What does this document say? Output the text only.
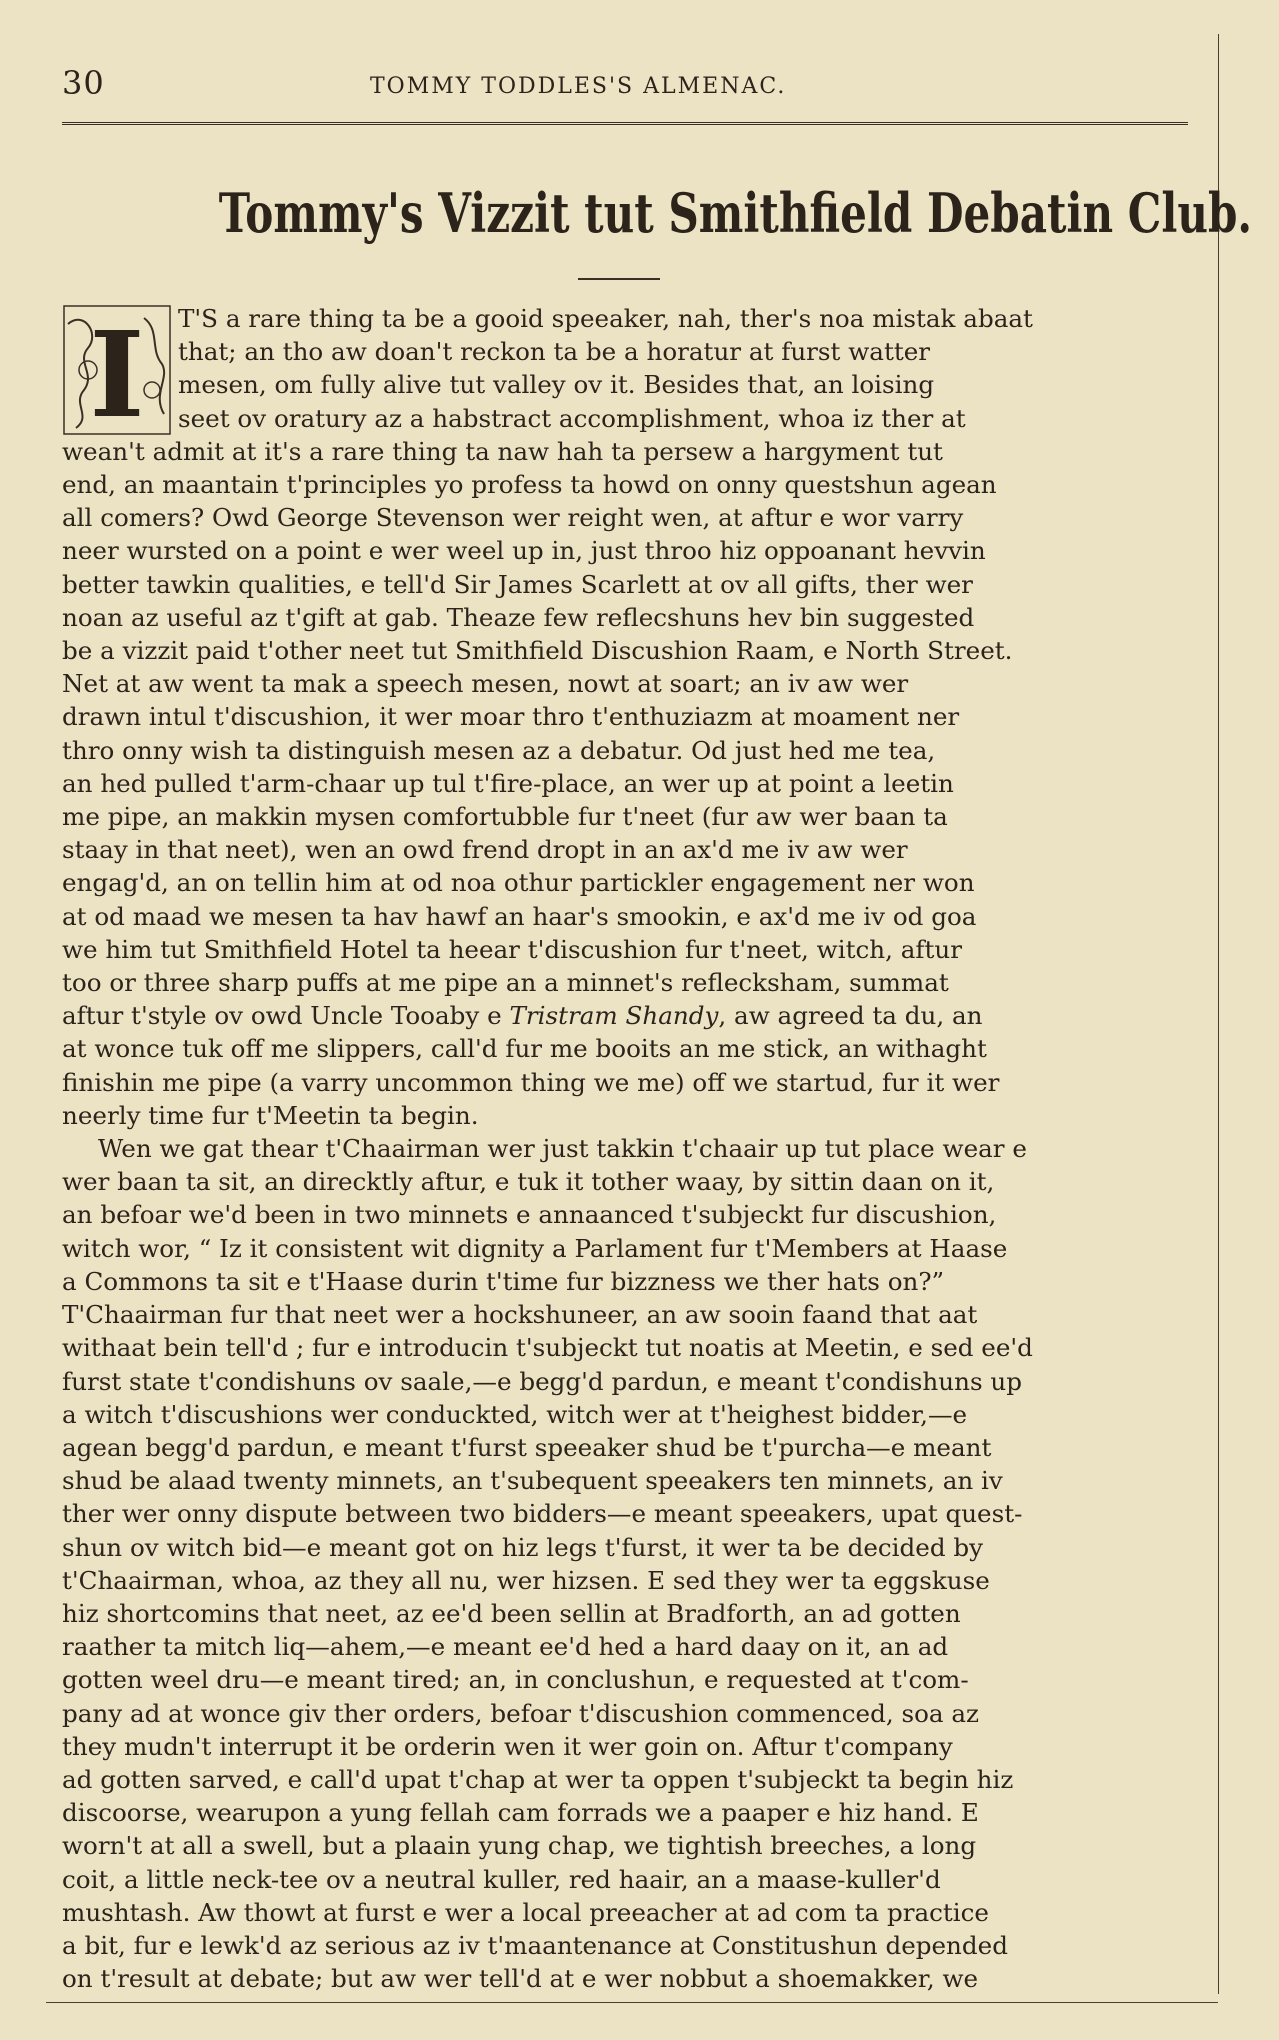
30	TOMMY TODDLES'S ALMENAC.
Tommy's Vizzit tut Smithfield Debatin Club.
I	T'S a rare thing ta be a gooid speeaker, nah, ther's noa mistak abaat
that; an tho aw doan't reckon ta be a horatur at furst watter
mesen, om fully alive tut valley ov it. Besides that, an loising
seet ov oratury az a habstract accomplishment, whoa iz ther at
wean't admit at it's a rare thing ta naw hah ta persew a hargyment tut
end, an maantain t'principles yo profess ta howd on onny questshun agean
all comers? Owd George Stevenson wer reight wen, at aftur e wor varry
neer wursted on a point e wer weel up in, just throo hiz oppoanant hevvin
better tawkin qualities, e tell'd Sir James Scarlett at ov all gifts, ther wer
noan az useful az t'gift at gab. Theaze few reflecshuns hev bin suggested
be a vizzit paid t'other neet tut Smithfield Discushion Raam, e North Street.
Net at aw went ta mak a speech mesen, nowt at soart; an iv aw wer
drawn intul t'discushion, it wer moar thro t'enthuziazm at moament ner
thro onny wish ta distinguish mesen az a debatur. Od just hed me tea,
an hed pulled t'arm-chaar up tul t'fire-place, an wer up at point a leetin
me pipe, an makkin mysen comfortubble fur t'neet (fur aw wer baan ta
staay in that neet), wen an owd frend dropt in an ax'd me iv aw wer
engag'd, an on tellin him at od noa othur partickler engagement ner won
at od maad we mesen ta hav hawf an haar's smookin, e ax'd me iv od goa
we him tut Smithfield Hotel ta heear t'discushion fur t'neet, witch, aftur
too or three sharp puffs at me pipe an a minnet's reflecksham, summat
aftur t'style ov owd Uncle Tooaby e Tristram Shandy, aw agreed ta du, an
at wonce tuk off me slippers, call'd fur me booits an me stick, an withaght
finishin me pipe (a varry uncommon thing we me) off we startud, fur it wer
neerly time fur t'Meetin ta begin.
Wen we gat thear t'Chaairman wer just takkin t'chaair up tut place wear e
wer baan ta sit, an direcktly aftur, e tuk it tother waay, by sittin daan on it,
an befoar we'd been in two minnets e annaanced t'subjeckt fur discushion,
witch wor, “ Iz it consistent wit dignity a Parlament fur t'Members at Haase
a Commons ta sit e t'Haase durin t'time fur bizzness we ther hats on?”
T'Chaairman fur that neet wer a hockshuneer, an aw sooin faand that aat
withaat bein tell'd ; fur e introducin t'subjeckt tut noatis at Meetin, e sed ee'd
furst state t'condishuns ov saale,—e begg'd pardun, e meant t'condishuns up
a witch t'discushions wer conduckted, witch wer at t'heighest bidder,—e
agean begg'd pardun, e meant t'furst speeaker shud be t'purcha—e meant
shud be alaad twenty minnets, an t'subequent speeakers ten minnets, an iv
ther wer onny dispute between two bidders—e meant speeakers, upat quest-
shun ov witch bid—e meant got on hiz legs t'furst, it wer ta be decided by
t'Chaairman, whoa, az they all nu, wer hizsen. E sed they wer ta eggskuse
hiz shortcomins that neet, az ee'd been sellin at Bradforth, an ad gotten
raather ta mitch liq—ahem,—e meant ee'd hed a hard daay on it, an ad
gotten weel dru—e meant tired; an, in conclushun, e requested at t'com-
pany ad at wonce giv ther orders, befoar t'discushion commenced, soa az
they mudn't interrupt it be orderin wen it wer goin on. Aftur t'company
ad gotten sarved, e call'd upat t'chap at wer ta oppen t'subjeckt ta begin hiz
discoorse, wearupon a yung fellah cam forrads we a paaper e hiz hand. E
worn't at all a swell, but a plaain yung chap, we tightish breeches, a long
coit, a little neck-tee ov a neutral kuller, red haair, an a maase-kuller'd
mushtash. Aw thowt at furst e wer a local preeacher at ad com ta practice
a bit, fur e lewk'd az serious az iv t'maantenance at Constitushun depended
on t'result at debate; but aw wer tell'd at e wer nobbut a shoemakker, we
